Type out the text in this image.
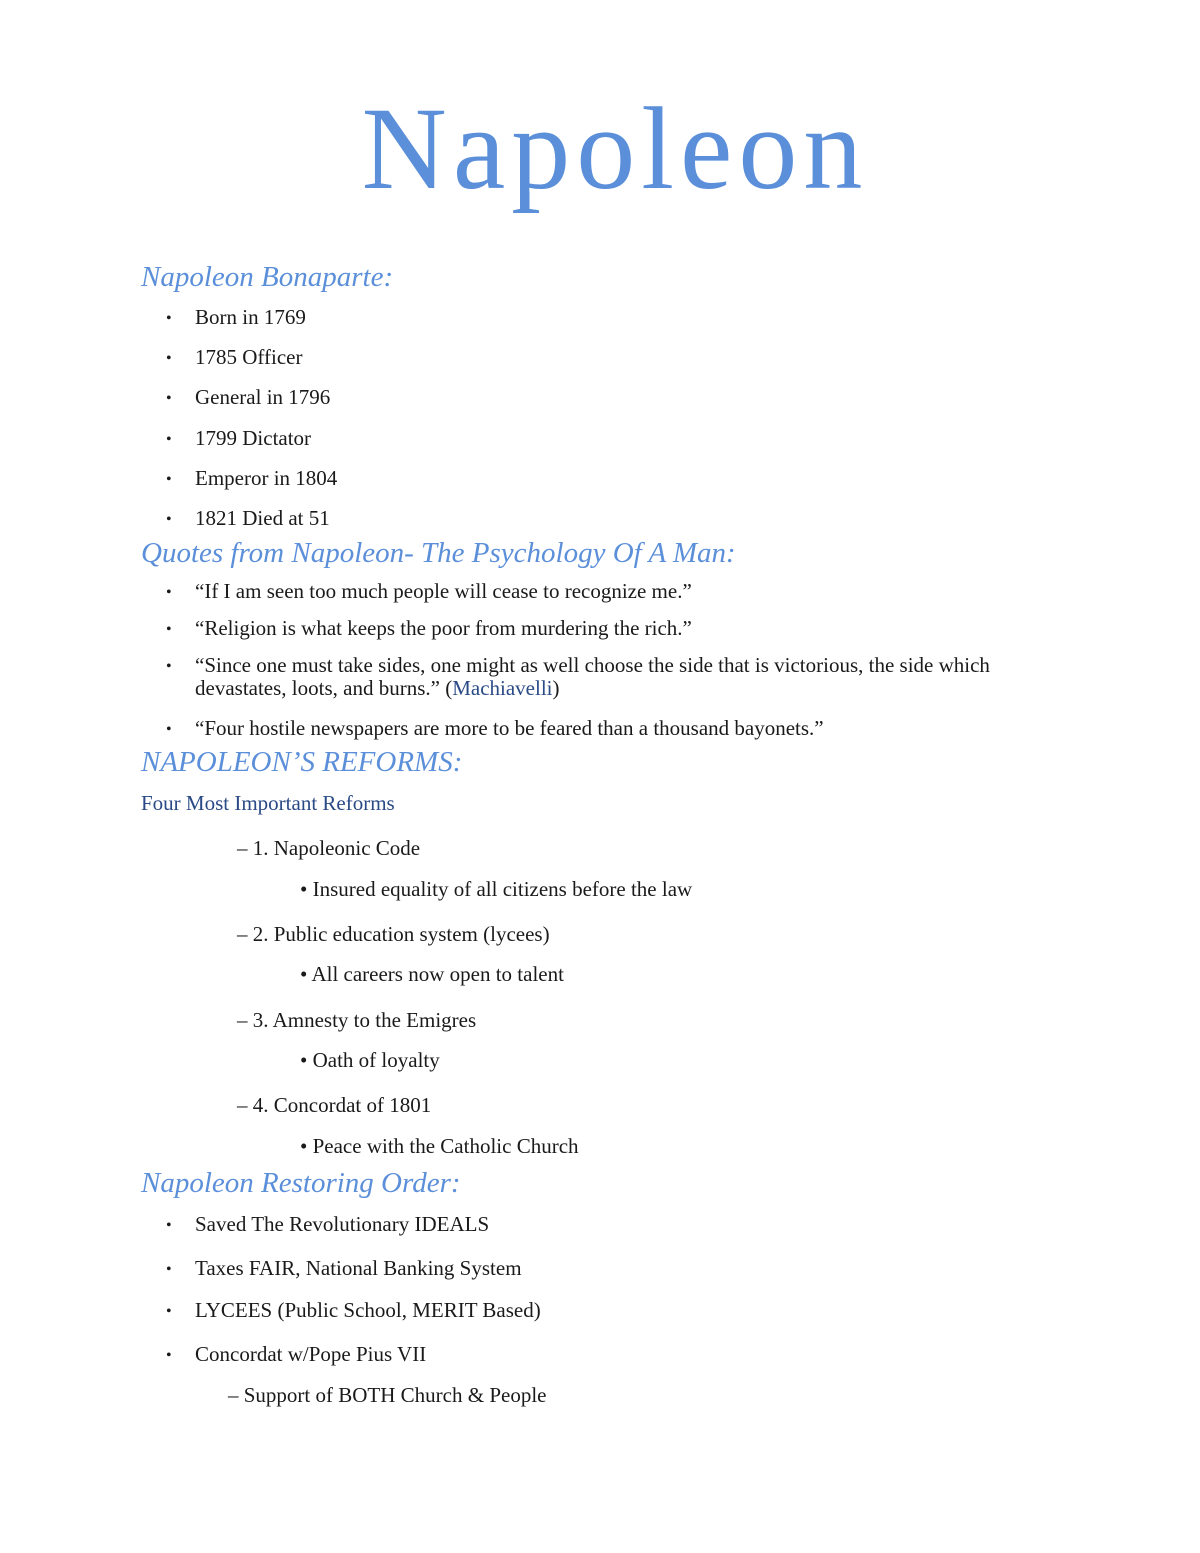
Napoleon
Napoleon Bonaparte:
• Born in 1769
• 1785 Officer
• General in 1796
• 1799 Dictator
• Emperor in 1804
• 1821 Died at 51
Quotes from Napoleon- The Psychology Of A Man:
• “If I am seen too much people will cease to recognize me.”
• “Religion is what keeps the poor from murdering the rich.”
• “Since one must take sides, one might as well choose the side that is victorious, the side which
devastates, loots, and burns.” (Machiavelli)
• “Four hostile newspapers are more to be feared than a thousand bayonets.”
NAPOLEON’S REFORMS:
Four Most Important Reforms
– 1. Napoleonic Code
• Insured equality of all citizens before the law
– 2. Public education system (lycees)
• All careers now open to talent
– 3. Amnesty to the Emigres
• Oath of loyalty
– 4. Concordat of 1801
• Peace with the Catholic Church
Napoleon Restoring Order:
• Saved The Revolutionary IDEALS
• Taxes FAIR, National Banking System
• LYCEES (Public School, MERIT Based)
• Concordat w/Pope Pius VII
– Support of BOTH Church & People
